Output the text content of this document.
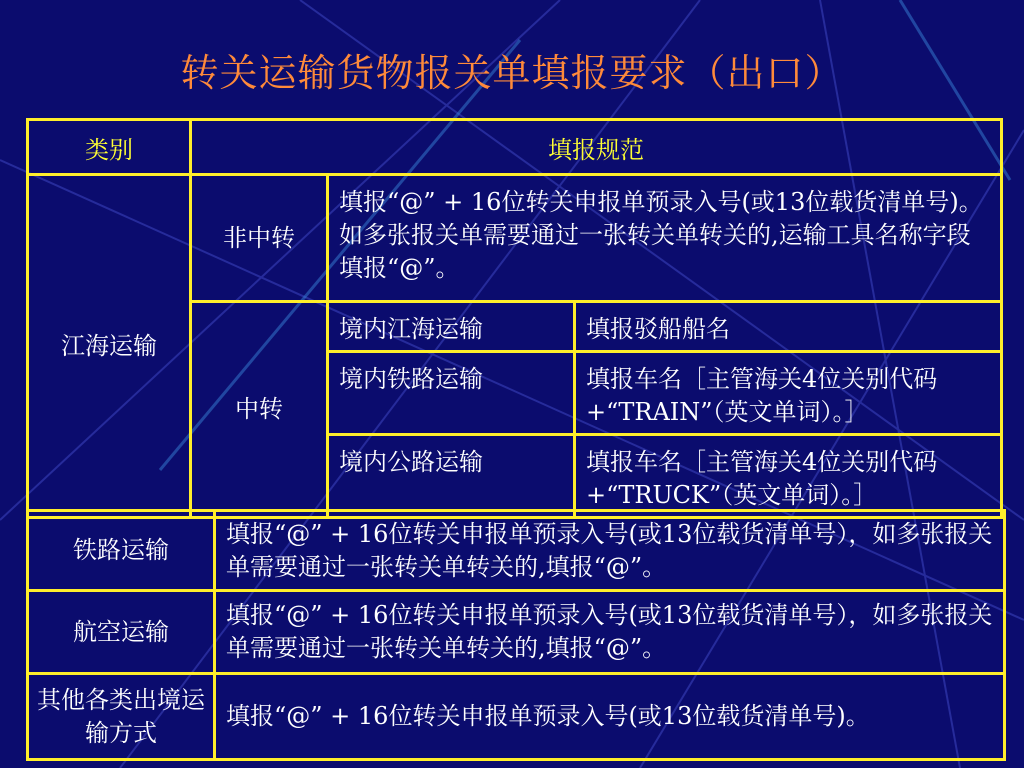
转关运输货物报关单填报要求（出口）
类别	填报规范		
江海运输	非中转	填报“@” + 16位转关申报单预录入号(或13位载货清单号)。如多张报关单需要通过一张转关单转关的,运输工具名称字段填报“@”。	
	中转	境内江海运输	填报驳船船名
		境内铁路运输	填报车名［主管海关4位关别代码+“TRAIN”（英文单词）。］
		境内公路运输	填报车名［主管海关4位关别代码+“TRUCK”（英文单词）。］
铁路运输	填报“@” + 16位转关申报单预录入号(或13位载货清单号），如多张报关单需要通过一张转关单转关的,填报“@”。
航空运输	填报“@” + 16位转关申报单预录入号(或13位载货清单号），如多张报关单需要通过一张转关单转关的,填报“@”。
其他各类出境运输方式	填报“@” + 16位转关申报单预录入号(或13位载货清单号)。
